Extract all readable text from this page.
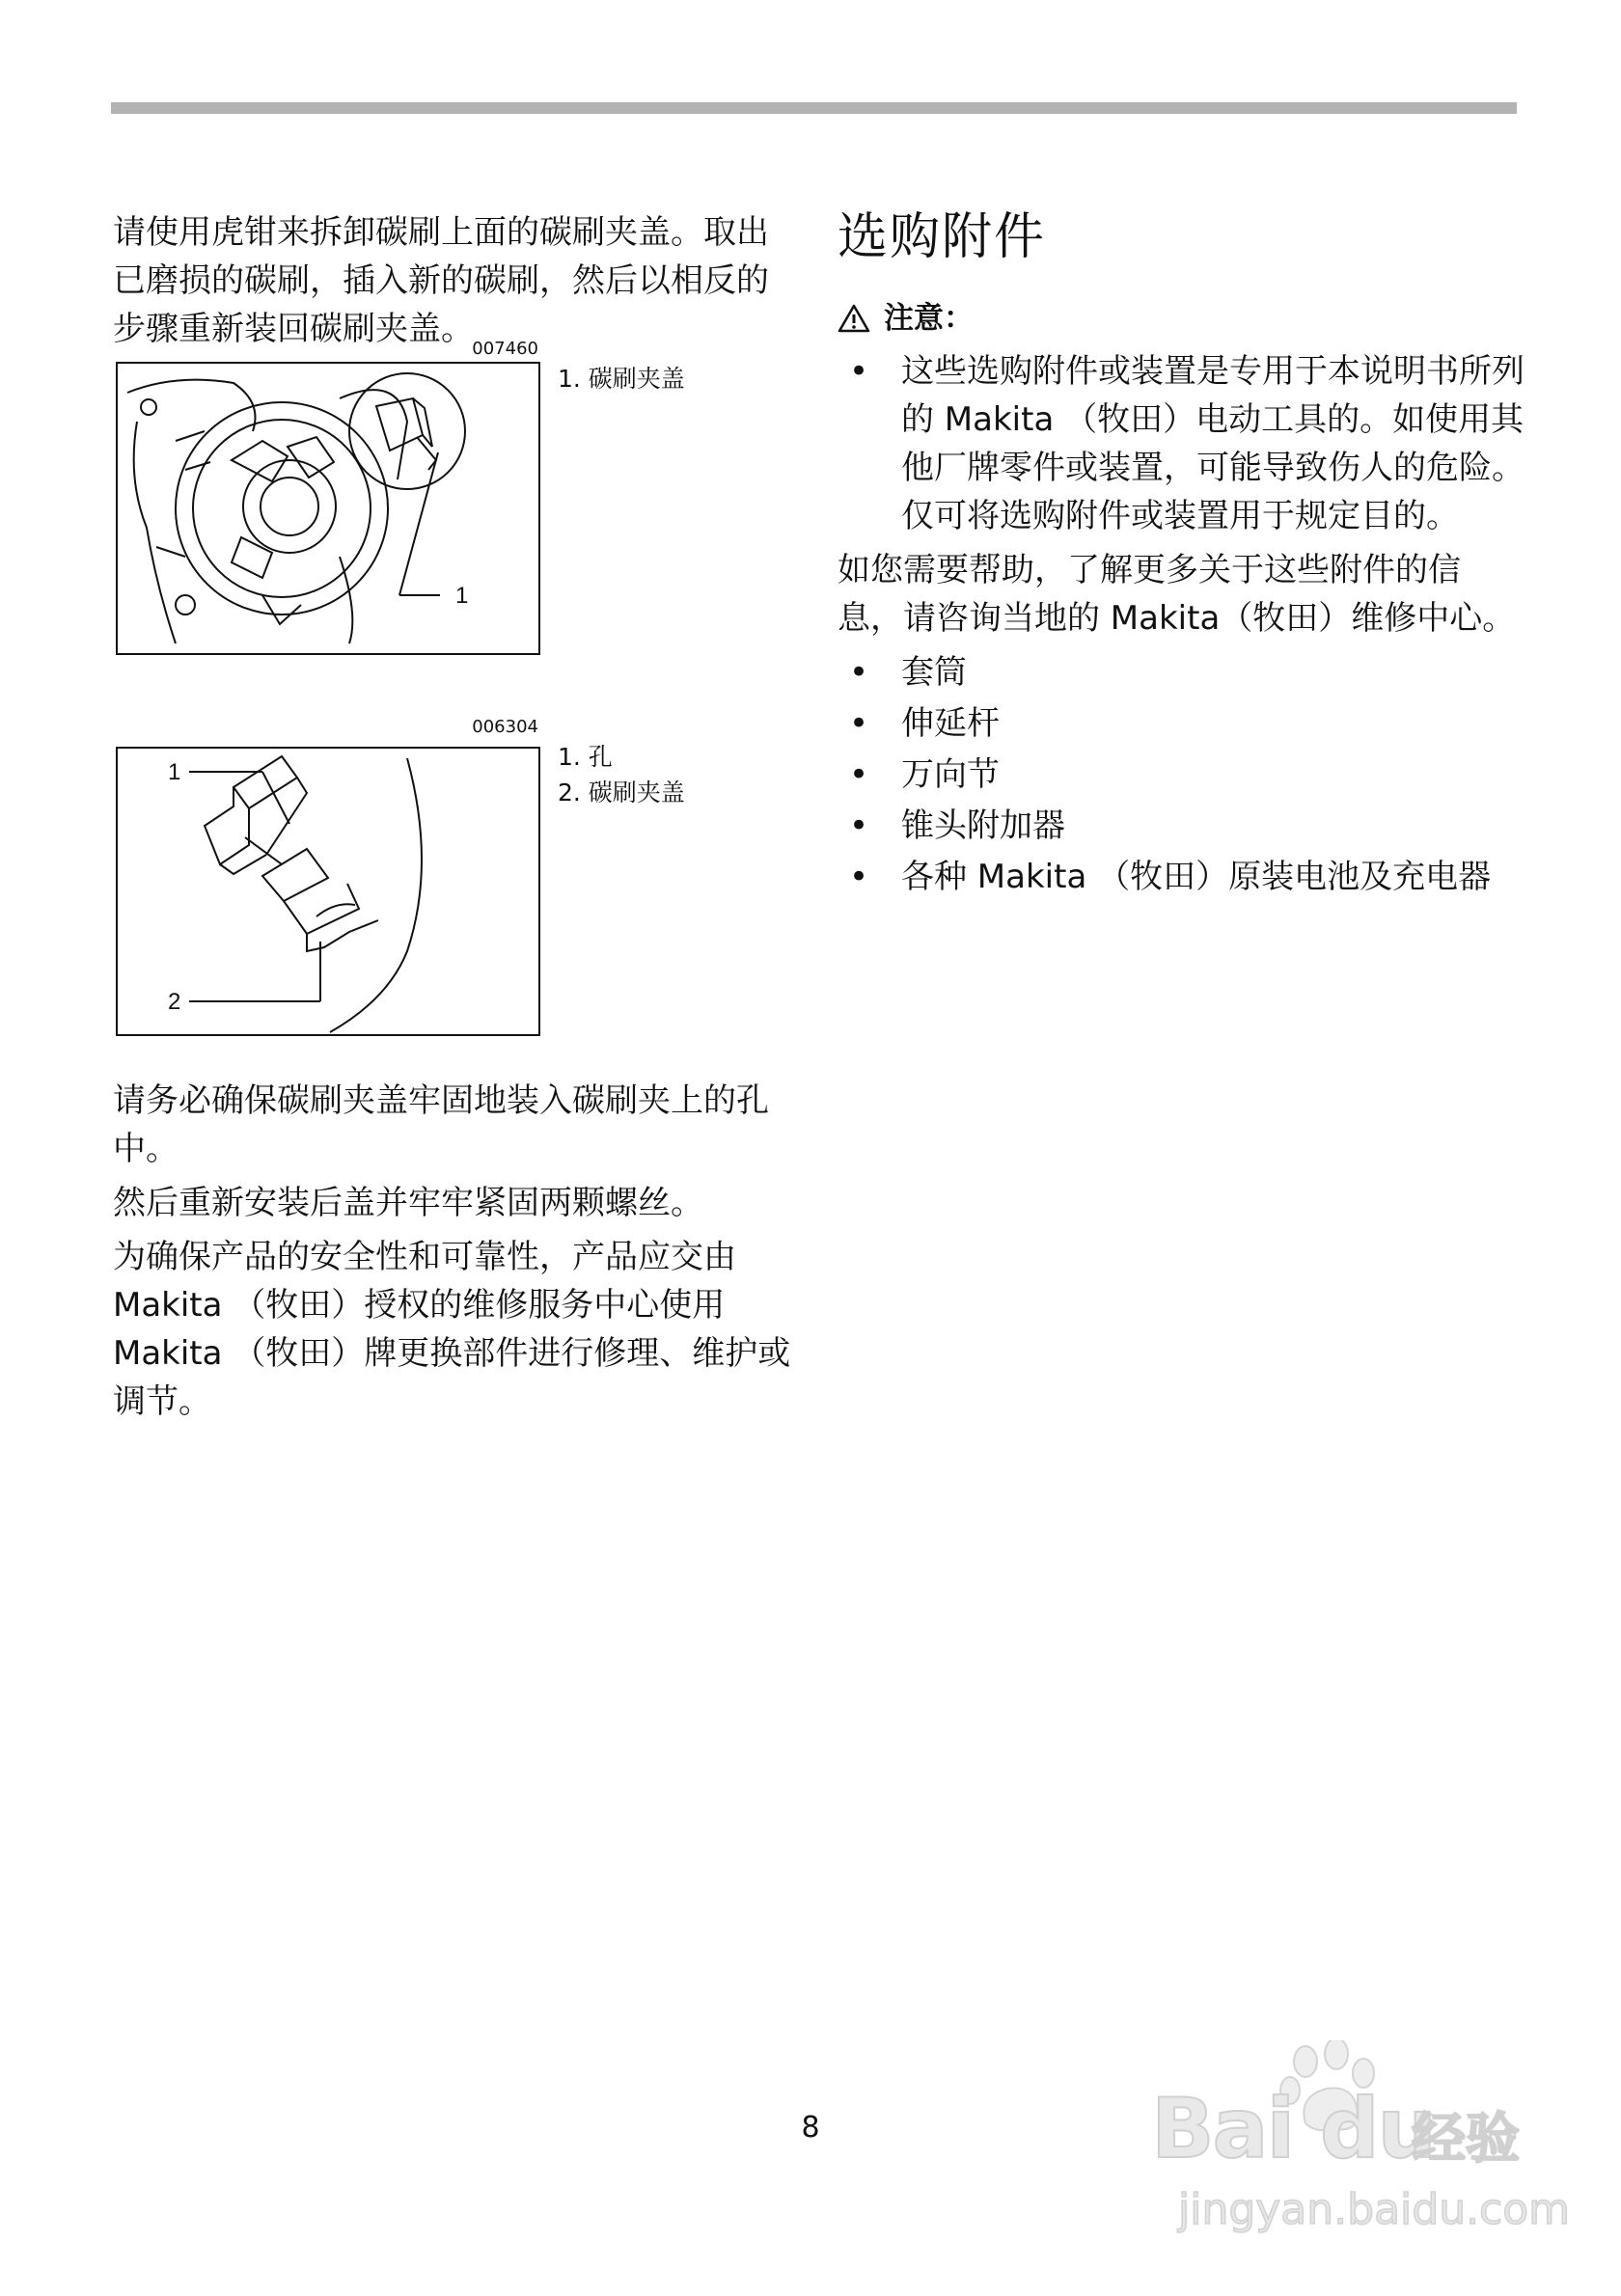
请使用虎钳来拆卸碳刷上面的碳刷夹盖。取出已磨损的碳刷，插入新的碳刷，然后以相反的步骤重新装回碳刷夹盖。

007460
1
1. 碳刷夹盖
006304
1
2
1. 孔
2. 碳刷夹盖

请务必确保碳刷夹盖牢固地装入碳刷夹上的孔中。

然后重新安装后盖并牢牢紧固两颗螺丝。

为确保产品的安全性和可靠性，产品应交由 Makita （牧田）授权的维修服务中心使用 Makita （牧田）牌更换部件进行修理、维护或调节。

选购附件
注意：
• 这些选购附件或装置是专用于本说明书所列的 Makita （牧田）电动工具的。如使用其他厂牌零件或装置，可能导致伤人的危险。仅可将选购附件或装置用于规定目的。

如您需要帮助，了解更多关于这些附件的信息，请咨询当地的 Makita（牧田）维修中心。

• 套筒
• 伸延杆
• 万向节
• 锥头附加器
• 各种 Makita （牧田）原装电池及充电器
8	Bai du
经验
jingyan.baidu.com
